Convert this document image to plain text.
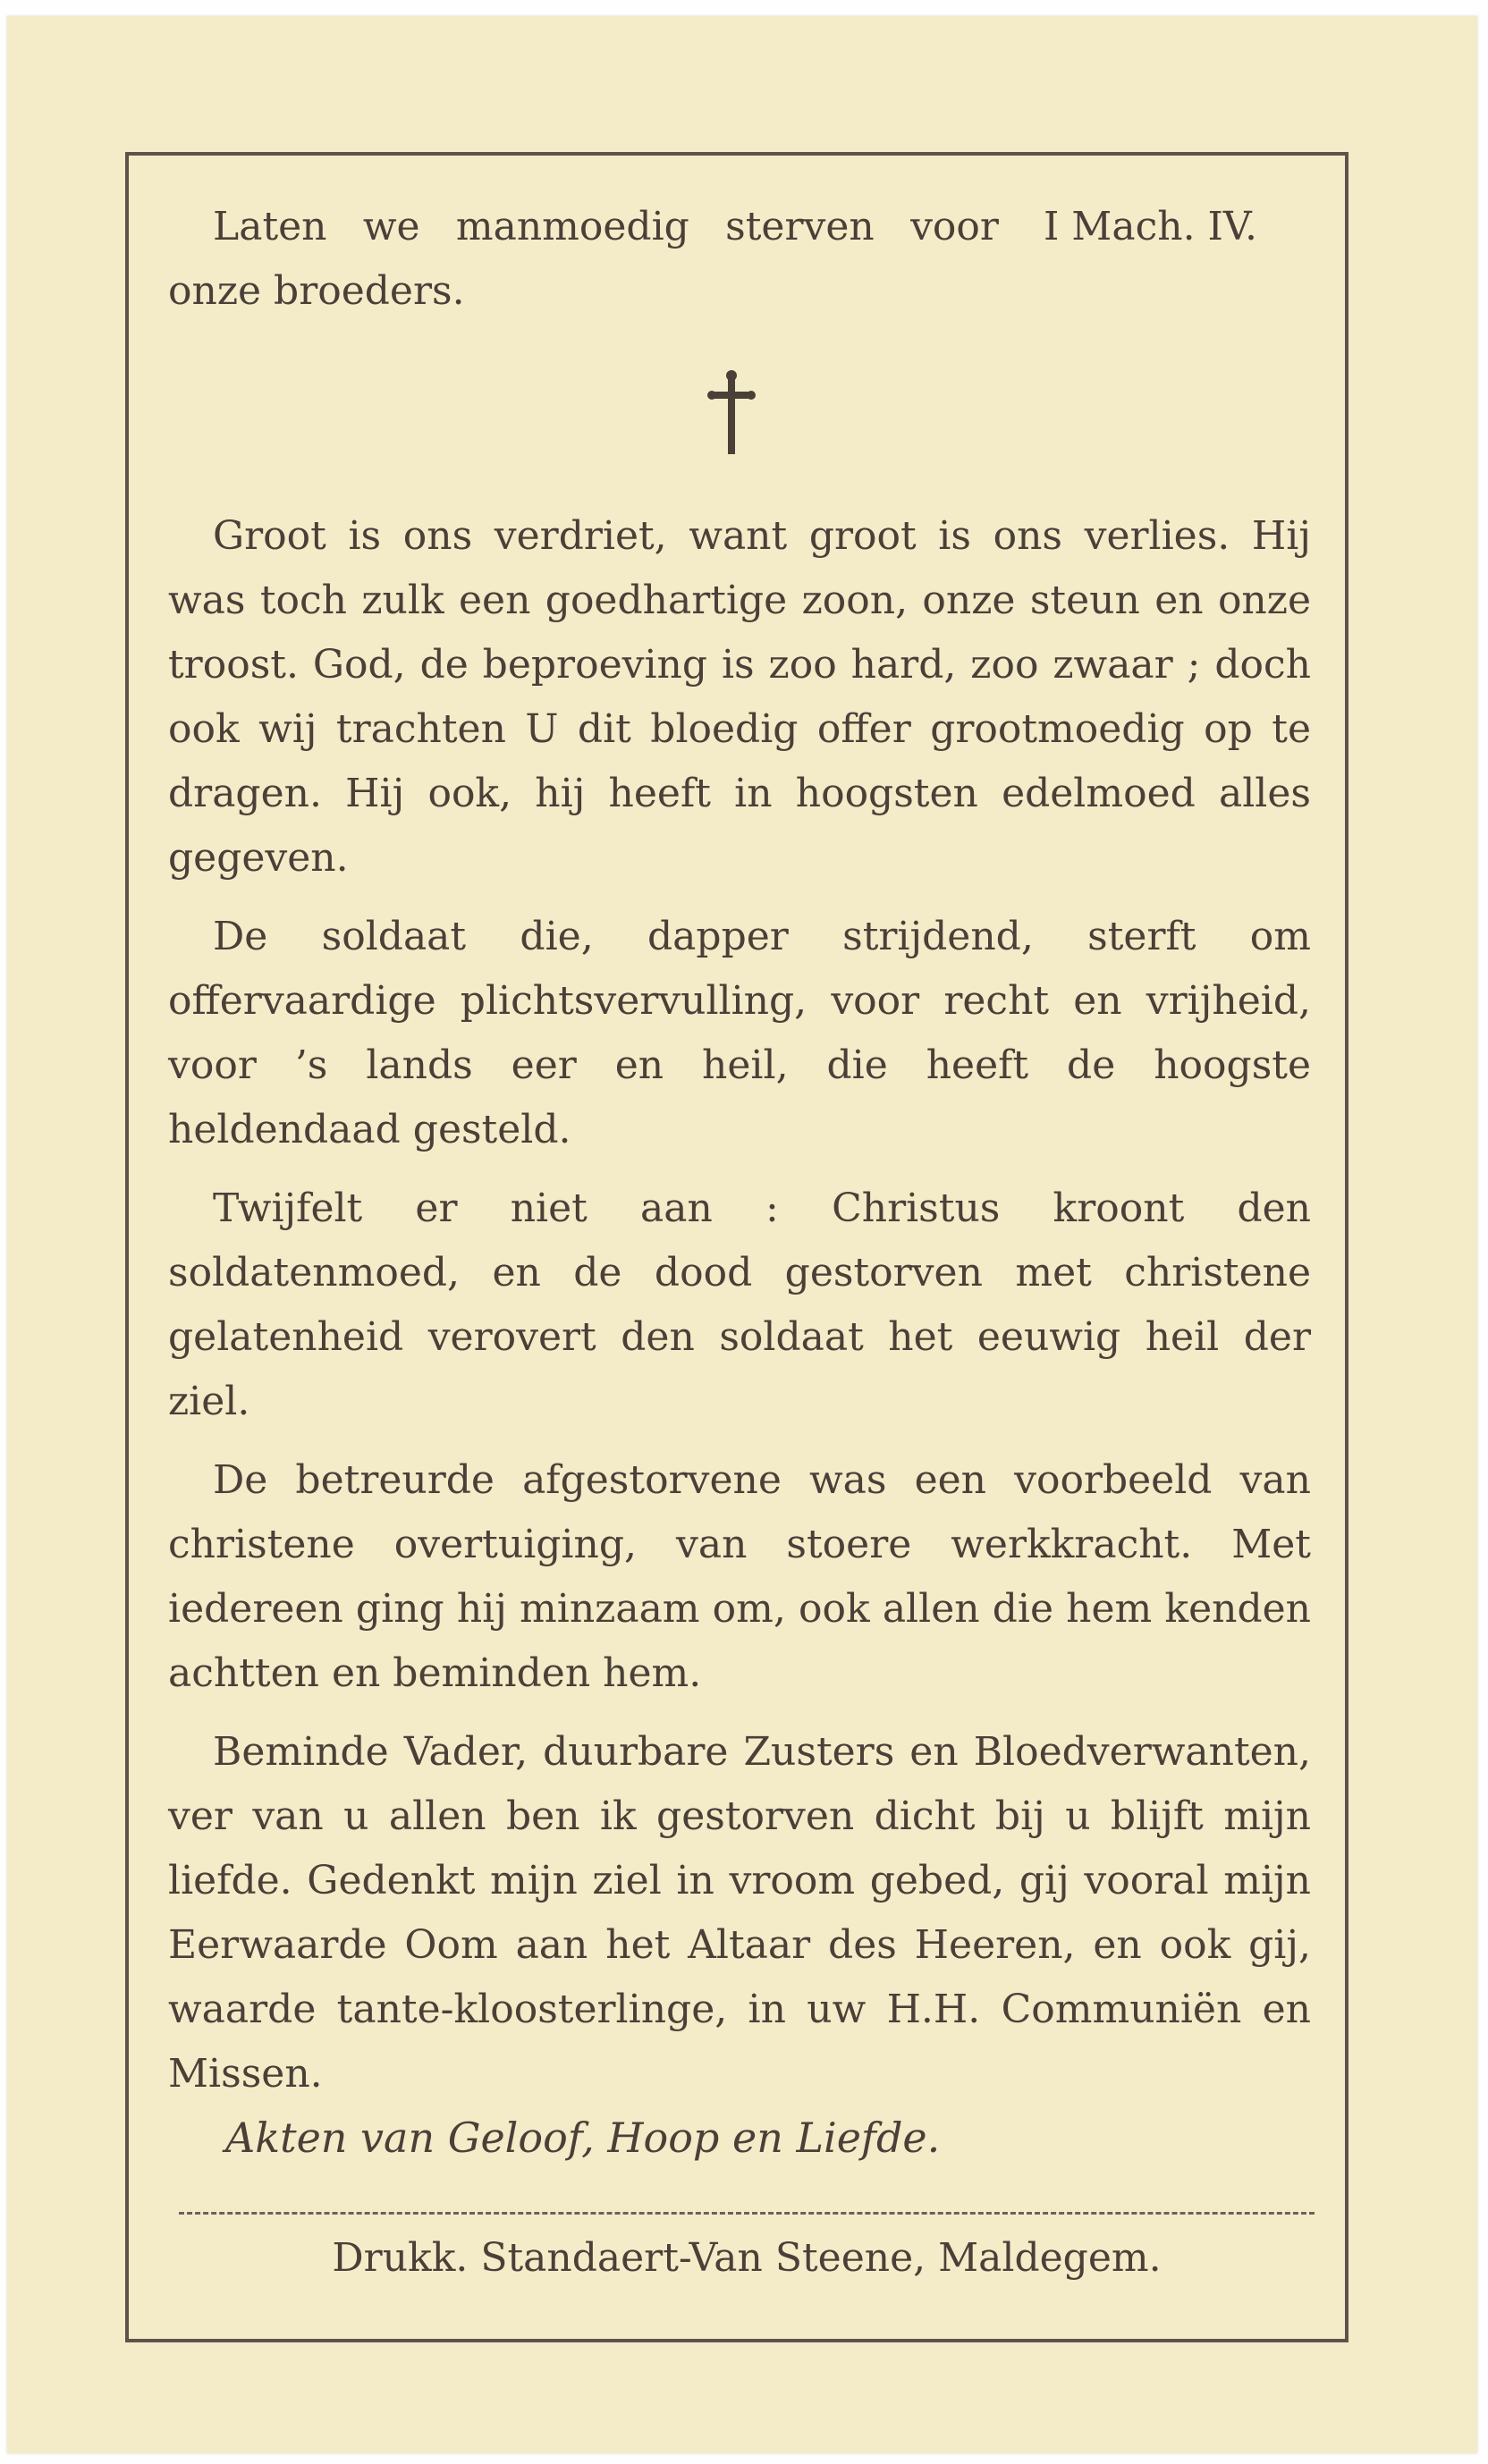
I Mach. IV.
Laten we manmoedig sterven voor onze broeders.

Groot is ons verdriet, want groot is ons verlies. Hij was toch zulk een goedhartige zoon, onze steun en onze troost. God, de beproeving is zoo hard, zoo zwaar ; doch ook wij trachten U dit bloedig offer grootmoedig op te dragen. Hij ook, hij heeft in hoogsten edelmoed alles gegeven.

De soldaat die, dapper strijdend, sterft om offervaardige plichtsvervulling, voor recht en vrijheid, voor ’s lands eer en heil, die heeft de hoogste heldendaad gesteld.

Twijfelt er niet aan : Christus kroont den soldatenmoed, en de dood gestorven met christene gelatenheid verovert den soldaat het eeuwig heil der ziel.

De betreurde afgestorvene was een voorbeeld van christene overtuiging, van stoere werkkracht. Met iedereen ging hij minzaam om, ook allen die hem kenden achtten en beminden hem.

Beminde Vader, duurbare Zusters en Bloedverwanten, ver van u allen ben ik gestorven dicht bij u blijft mijn liefde. Gedenkt mijn ziel in vroom gebed, gij vooral mijn Eerwaarde Oom aan het Altaar des Heeren, en ook gij, waarde tante-kloosterlinge, in uw H.H. Communiën en Missen.

Akten van Geloof, Hoop en Liefde.
Drukk. Standaert-Van Steene, Maldegem.
